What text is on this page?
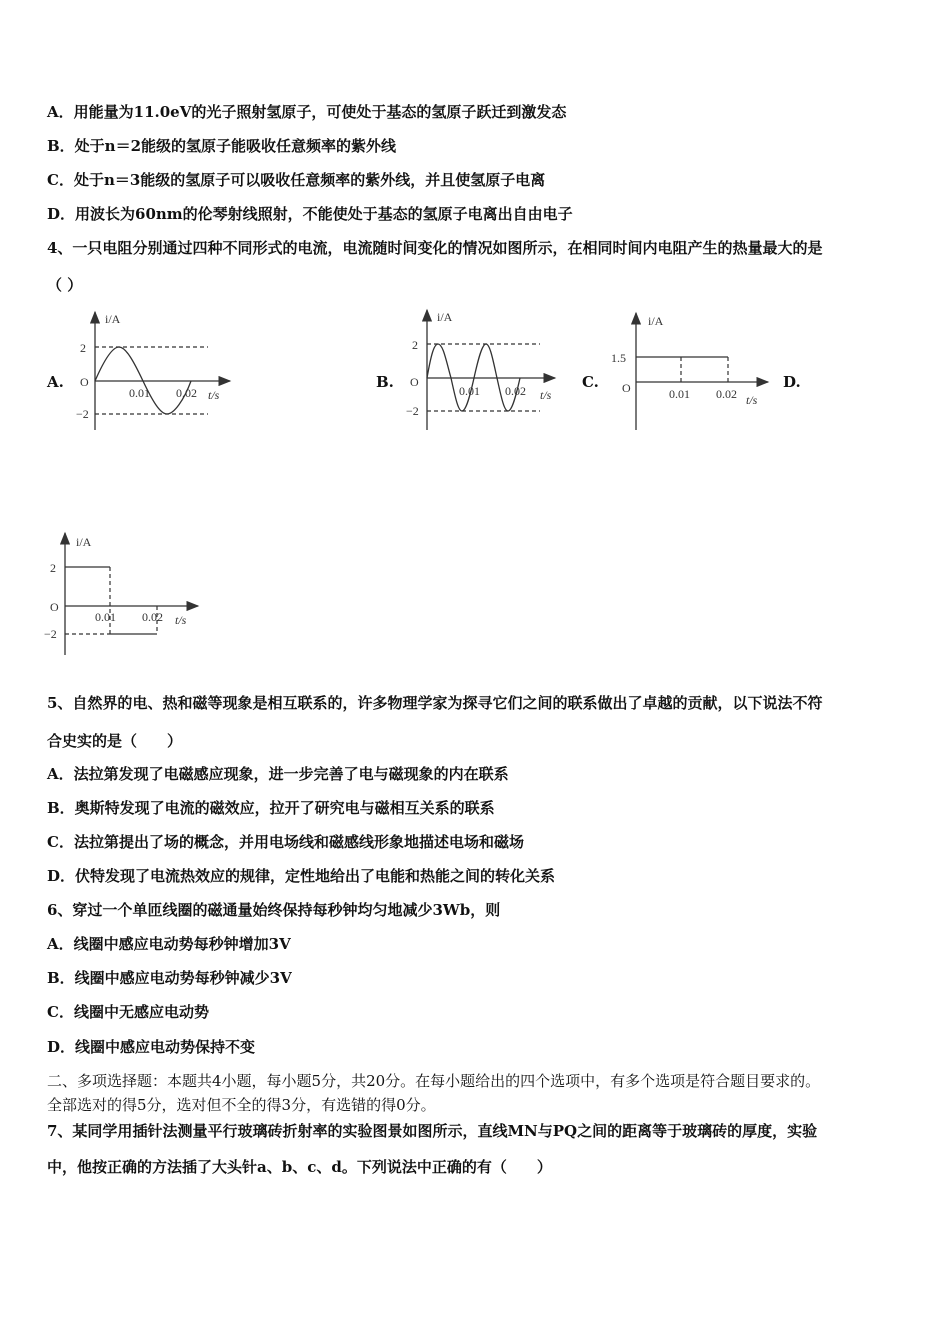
A．用能量为11.0eV的光子照射氢原子，可使处于基态的氢原子跃迁到激发态
B．处于n＝2能级的氢原子能吸收任意频率的紫外线
C．处于n＝3能级的氢原子可以吸收任意频率的紫外线，并且使氢原子电离
D．用波长为60nm的伦琴射线照射，不能使处于基态的氢原子电离出自由电子
4、一只电阻分别通过四种不同形式的电流，电流随时间变化的情况如图所示，在相同时间内电阻产生的热量最大的是
（ ）
A.	B.	C.	D.
i/A
2
−2
O
0.01 0.02 t/s
i/A
2
−2
O
0.01 0.02 t/s
i/A
1.5
O	0.01 0.02 t/s
i/A
2
−2
O
0.01 0.02 t/s
5、自然界的电、热和磁等现象是相互联系的，许多物理学家为探寻它们之间的联系做出了卓越的贡献，以下说法不符
合史实的是（　　）
A．法拉第发现了电磁感应现象，进一步完善了电与磁现象的内在联系
B．奥斯特发现了电流的磁效应，拉开了研究电与磁相互关系的联系
C．法拉第提出了场的概念，并用电场线和磁感线形象地描述电场和磁场
D．伏特发现了电流热效应的规律，定性地给出了电能和热能之间的转化关系
6、穿过一个单匝线圈的磁通量始终保持每秒钟均匀地减少3Wb，则
A．线圈中感应电动势每秒钟增加3V
B．线圈中感应电动势每秒钟减少3V
C．线圈中无感应电动势
D．线圈中感应电动势保持不变
二、多项选择题：本题共4小题，每小题5分，共20分。在每小题给出的四个选项中，有多个选项是符合题目要求的。
全部选对的得5分，选对但不全的得3分，有选错的得0分。
7、某同学用插针法测量平行玻璃砖折射率的实验图景如图所示，直线MN与PQ之间的距离等于玻璃砖的厚度，实验
中，他按正确的方法插了大头针a、b、c、d。下列说法中正确的有（　　）
